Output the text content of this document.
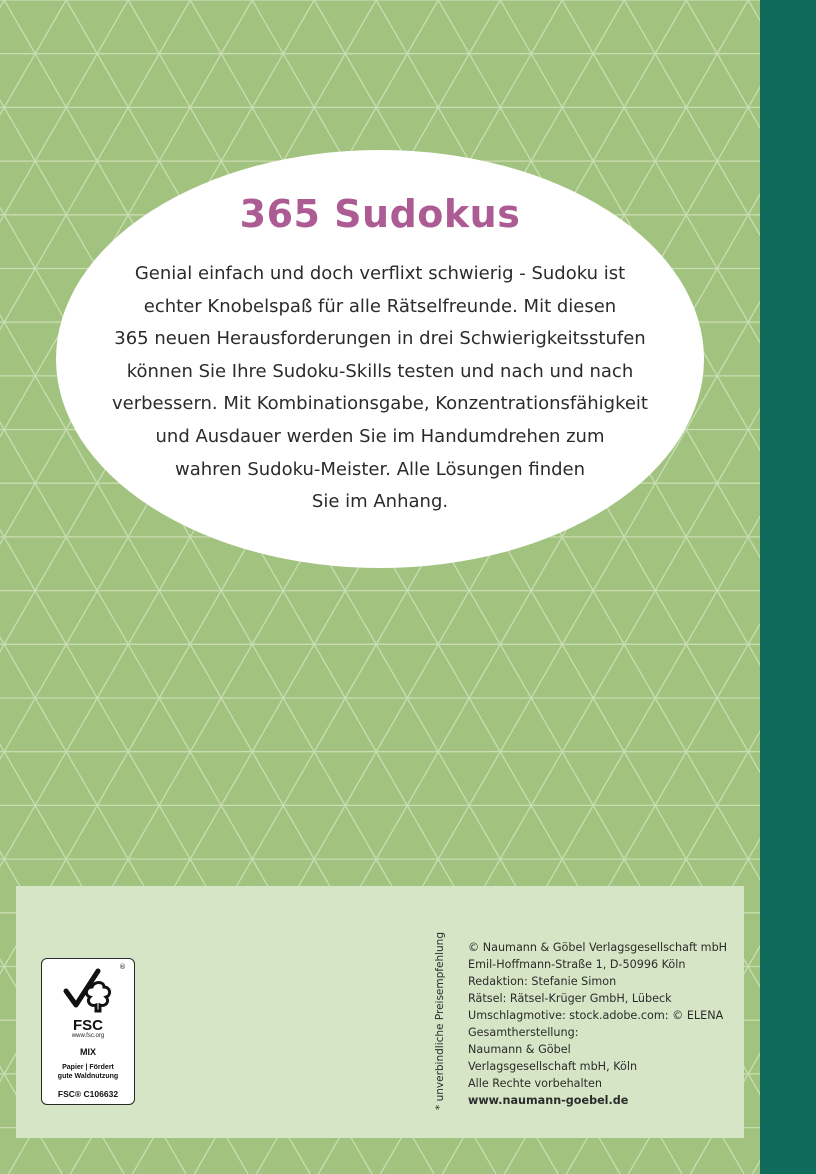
365 Sudokus
Genial einfach und doch verflixt schwierig - Sudoku ist
echter Knobelspaß für alle Rätselfreunde. Mit diesen
365 neuen Herausforderungen in drei Schwierigkeitsstufen
können Sie Ihre Sudoku-Skills testen und nach und nach
verbessern. Mit Kombinationsgabe, Konzentrationsfähigkeit
und Ausdauer werden Sie im Handumdrehen zum
wahren Sudoku-Meister. Alle Lösungen finden
Sie im Anhang.
®
FSC
www.fsc.org
MIX
Papier | Fördert
gute Waldnutzung
FSC® C106632	* unverbindliche Preisempfehlung © Naumann & Göbel Verlagsgesellschaft mbH
Emil-Hoffmann-Straße 1, D-50996 Köln
Redaktion: Stefanie Simon
Rätsel: Rätsel-Krüger GmbH, Lübeck
Umschlagmotive: stock.adobe.com: © ELENA
Gesamtherstellung:
Naumann & Göbel
Verlagsgesellschaft mbH, Köln
Alle Rechte vorbehalten
www.naumann-goebel.de
